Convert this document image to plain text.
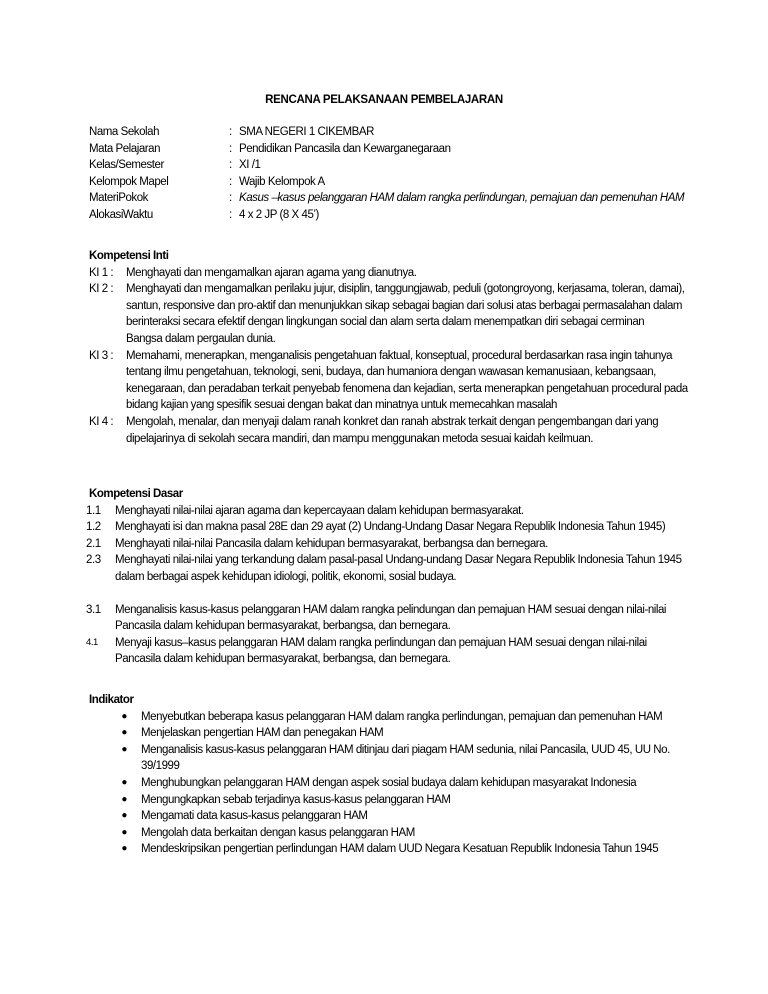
RENCANA PELAKSANAAN PEMBELAJARAN
Nama Sekolah	: SMA NEGERI 1 CIKEMBAR
Mata Pelajaran	: Pendidikan Pancasila dan Kewarganegaraan
Kelas/Semester	: XI /1
Kelompok Mapel	: Wajib Kelompok A
MateriPokok	: Kasus –kasus pelanggaran HAM dalam rangka perlindungan, pemajuan dan pemenuhan HAM
AlokasiWaktu	: 4 x 2 JP (8 X 45’)
Kompetensi Inti
KI 1 :	Menghayati dan mengamalkan ajaran agama yang dianutnya.
KI 2 :	Menghayati dan mengamalkan perilaku jujur, disiplin, tanggungjawab, peduli (gotongroyong, kerjasama, toleran, damai), santun, responsive dan pro-aktif dan menunjukkan sikap sebagai bagian dari solusi atas berbagai permasalahan dalam berinteraksi secara efektif dengan lingkungan social dan alam serta dalam menempatkan diri sebagai cerminan
Bangsa dalam pergaulan dunia.
KI 3 :	Memahami, menerapkan, menganalisis pengetahuan faktual, konseptual, procedural berdasarkan rasa ingin tahunya tentang ilmu pengetahuan, teknologi, seni, budaya, dan humaniora dengan wawasan kemanusiaan, kebangsaan, kenegaraan, dan peradaban terkait penyebab fenomena dan kejadian, serta menerapkan pengetahuan procedural pada bidang kajian yang spesifik sesuai dengan bakat dan minatnya untuk memecahkan masalah
KI 4 :	Mengolah, menalar, dan menyaji dalam ranah konkret dan ranah abstrak terkait dengan pengembangan dari yang dipelajarinya di sekolah secara mandiri, dan mampu menggunakan metoda sesuai kaidah keilmuan.
Kompetensi Dasar
1.1	Menghayati nilai-nilai ajaran agama dan kepercayaan dalam kehidupan bermasyarakat.
1.2	Menghayati isi dan makna pasal 28E dan 29 ayat (2) Undang-Undang Dasar Negara Republik Indonesia Tahun 1945)
2.1	Menghayati nilai-nilai Pancasila dalam kehidupan bermasyarakat, berbangsa dan bernegara.
2.3	Menghayati nilai-nilai yang terkandung dalam pasal-pasal Undang-undang Dasar Negara Republik Indonesia Tahun 1945 dalam berbagai aspek kehidupan idiologi, politik, ekonomi, sosial budaya.
3.1	Menganalisis kasus-kasus pelanggaran HAM dalam rangka pelindungan dan pemajuan HAM sesuai dengan nilai-nilai Pancasila dalam kehidupan bermasyarakat, berbangsa, dan bernegara.
4.1	Menyaji kasus–kasus pelanggaran HAM dalam rangka perlindungan dan pemajuan HAM sesuai dengan nilai-nilai Pancasila dalam kehidupan bermasyarakat, berbangsa, dan bernegara.
Indikator
●	Menyebutkan beberapa kasus pelanggaran HAM dalam rangka perlindungan, pemajuan dan pemenuhan HAM
●	Menjelaskan pengertian HAM dan penegakan HAM
●	Menganalisis kasus-kasus pelanggaran HAM ditinjau dari piagam HAM sedunia, nilai Pancasila, UUD 45, UU No. 39/1999
●	Menghubungkan pelanggaran HAM dengan aspek sosial budaya dalam kehidupan masyarakat Indonesia
●	Mengungkapkan sebab terjadinya kasus-kasus pelanggaran HAM
●	Mengamati data kasus-kasus pelanggaran HAM
●	Mengolah data berkaitan dengan kasus pelanggaran HAM
●	Mendeskripsikan pengertian perlindungan HAM dalam UUD Negara Kesatuan Republik Indonesia Tahun 1945
